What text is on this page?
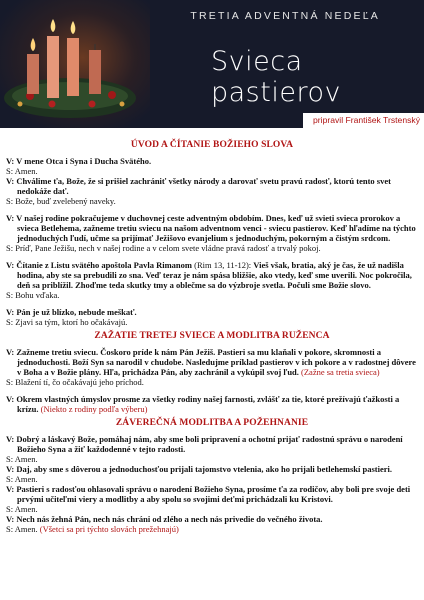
TRETIA ADVENTNÁ NEDEĽA
Svieca pastierov
pripravil František Trstenský
ÚVOD A ČÍTANIE BOŽIEHO SLOVA

V: V mene Otca i Syna i Ducha Svätého.

S: Amen.

V: Chválime ťa, Bože, že si prišiel zachrániť všetky národy a darovať svetu pravú radosť, ktorú tento svet nedokáže dať.

S: Bože, buď zvelebený naveky.

V: V našej rodine pokračujeme v duchovnej ceste adventným obdobím. Dnes, keď už svieti svieca prorokov a svieca Betlehema, zažneme tretiu sviecu na našom adventnom venci - sviecu pastierov. Keď hľadíme na týchto jednoduchých ľudí, učme sa prijímať Ježišovo evanjelium s jednoduchým, pokorným a čistým srdcom.

S: Príď, Pane Ježišu, nech v našej rodine a v celom svete vládne pravá radosť a trvalý pokoj.

V: Čítanie z Listu svätého apoštola Pavla Rimanom (Rim 13, 11-12): Vieš však, bratia, aký je čas, že už nadišla hodina, aby ste sa prebudili zo sna. Veď teraz je nám spása bližšie, ako vtedy, keď sme uverili. Noc pokročila, deň sa priblížil. Zhoďme teda skutky tmy a oblečme sa do výzbroje svetla. Počuli sme Božie slovo.

S: Bohu vďaka.

V: Pán je už blízko, nebude meškať.

S: Zjavi sa tým, ktorí ho očakávajú.

ZAŽATIE TRETEJ SVIECE A MODLITBA RUŽENCA

V: Zažneme tretiu sviecu. Čoskoro príde k nám Pán Ježiš. Pastieri sa mu klaňali v pokore, skromnosti a jednoduchosti. Boží Syn sa narodil v chudobe. Nasledujme príklad pastierov v ich pokore a v radostnej dôvere v Boha a v Božie plány. Hľa, prichádza Pán, aby zachránil a vykúpil svoj ľud. (Zažne sa tretia svieca)

S: Blažení tí, čo očakávajú jeho príchod.

V: Okrem vlastných úmyslov prosme za všetky rodiny našej farnosti, zvlášť za tie, ktoré prežívajú ťažkosti a krízu. (Niekto z rodiny podľa výberu)

ZÁVEREČNÁ MODLITBA A POŽEHNANIE

V: Dobrý a láskavý Bože, pomáhaj nám, aby sme boli pripravení a ochotní prijať radostnú správu o narodení Božieho Syna a žiť každodenné v tejto radosti.

S: Amen.

V: Daj, aby sme s dôverou a jednoduchosťou prijali tajomstvo vtelenia, ako ho prijali betlehemskí pastieri.

S: Amen.

V: Pastieri s radosťou ohlasovali správu o narodení Božieho Syna, prosíme ťa za rodičov, aby boli pre svoje deti prvými učiteľmi viery a modlitby a aby spolu so svojimi deťmi prichádzali ku Kristovi.

S: Amen.

V: Nech nás žehná Pán, nech nás chráni od zlého a nech nás privedie do večného života.

S: Amen. (Všetci sa pri týchto slovách prežehnajú)
